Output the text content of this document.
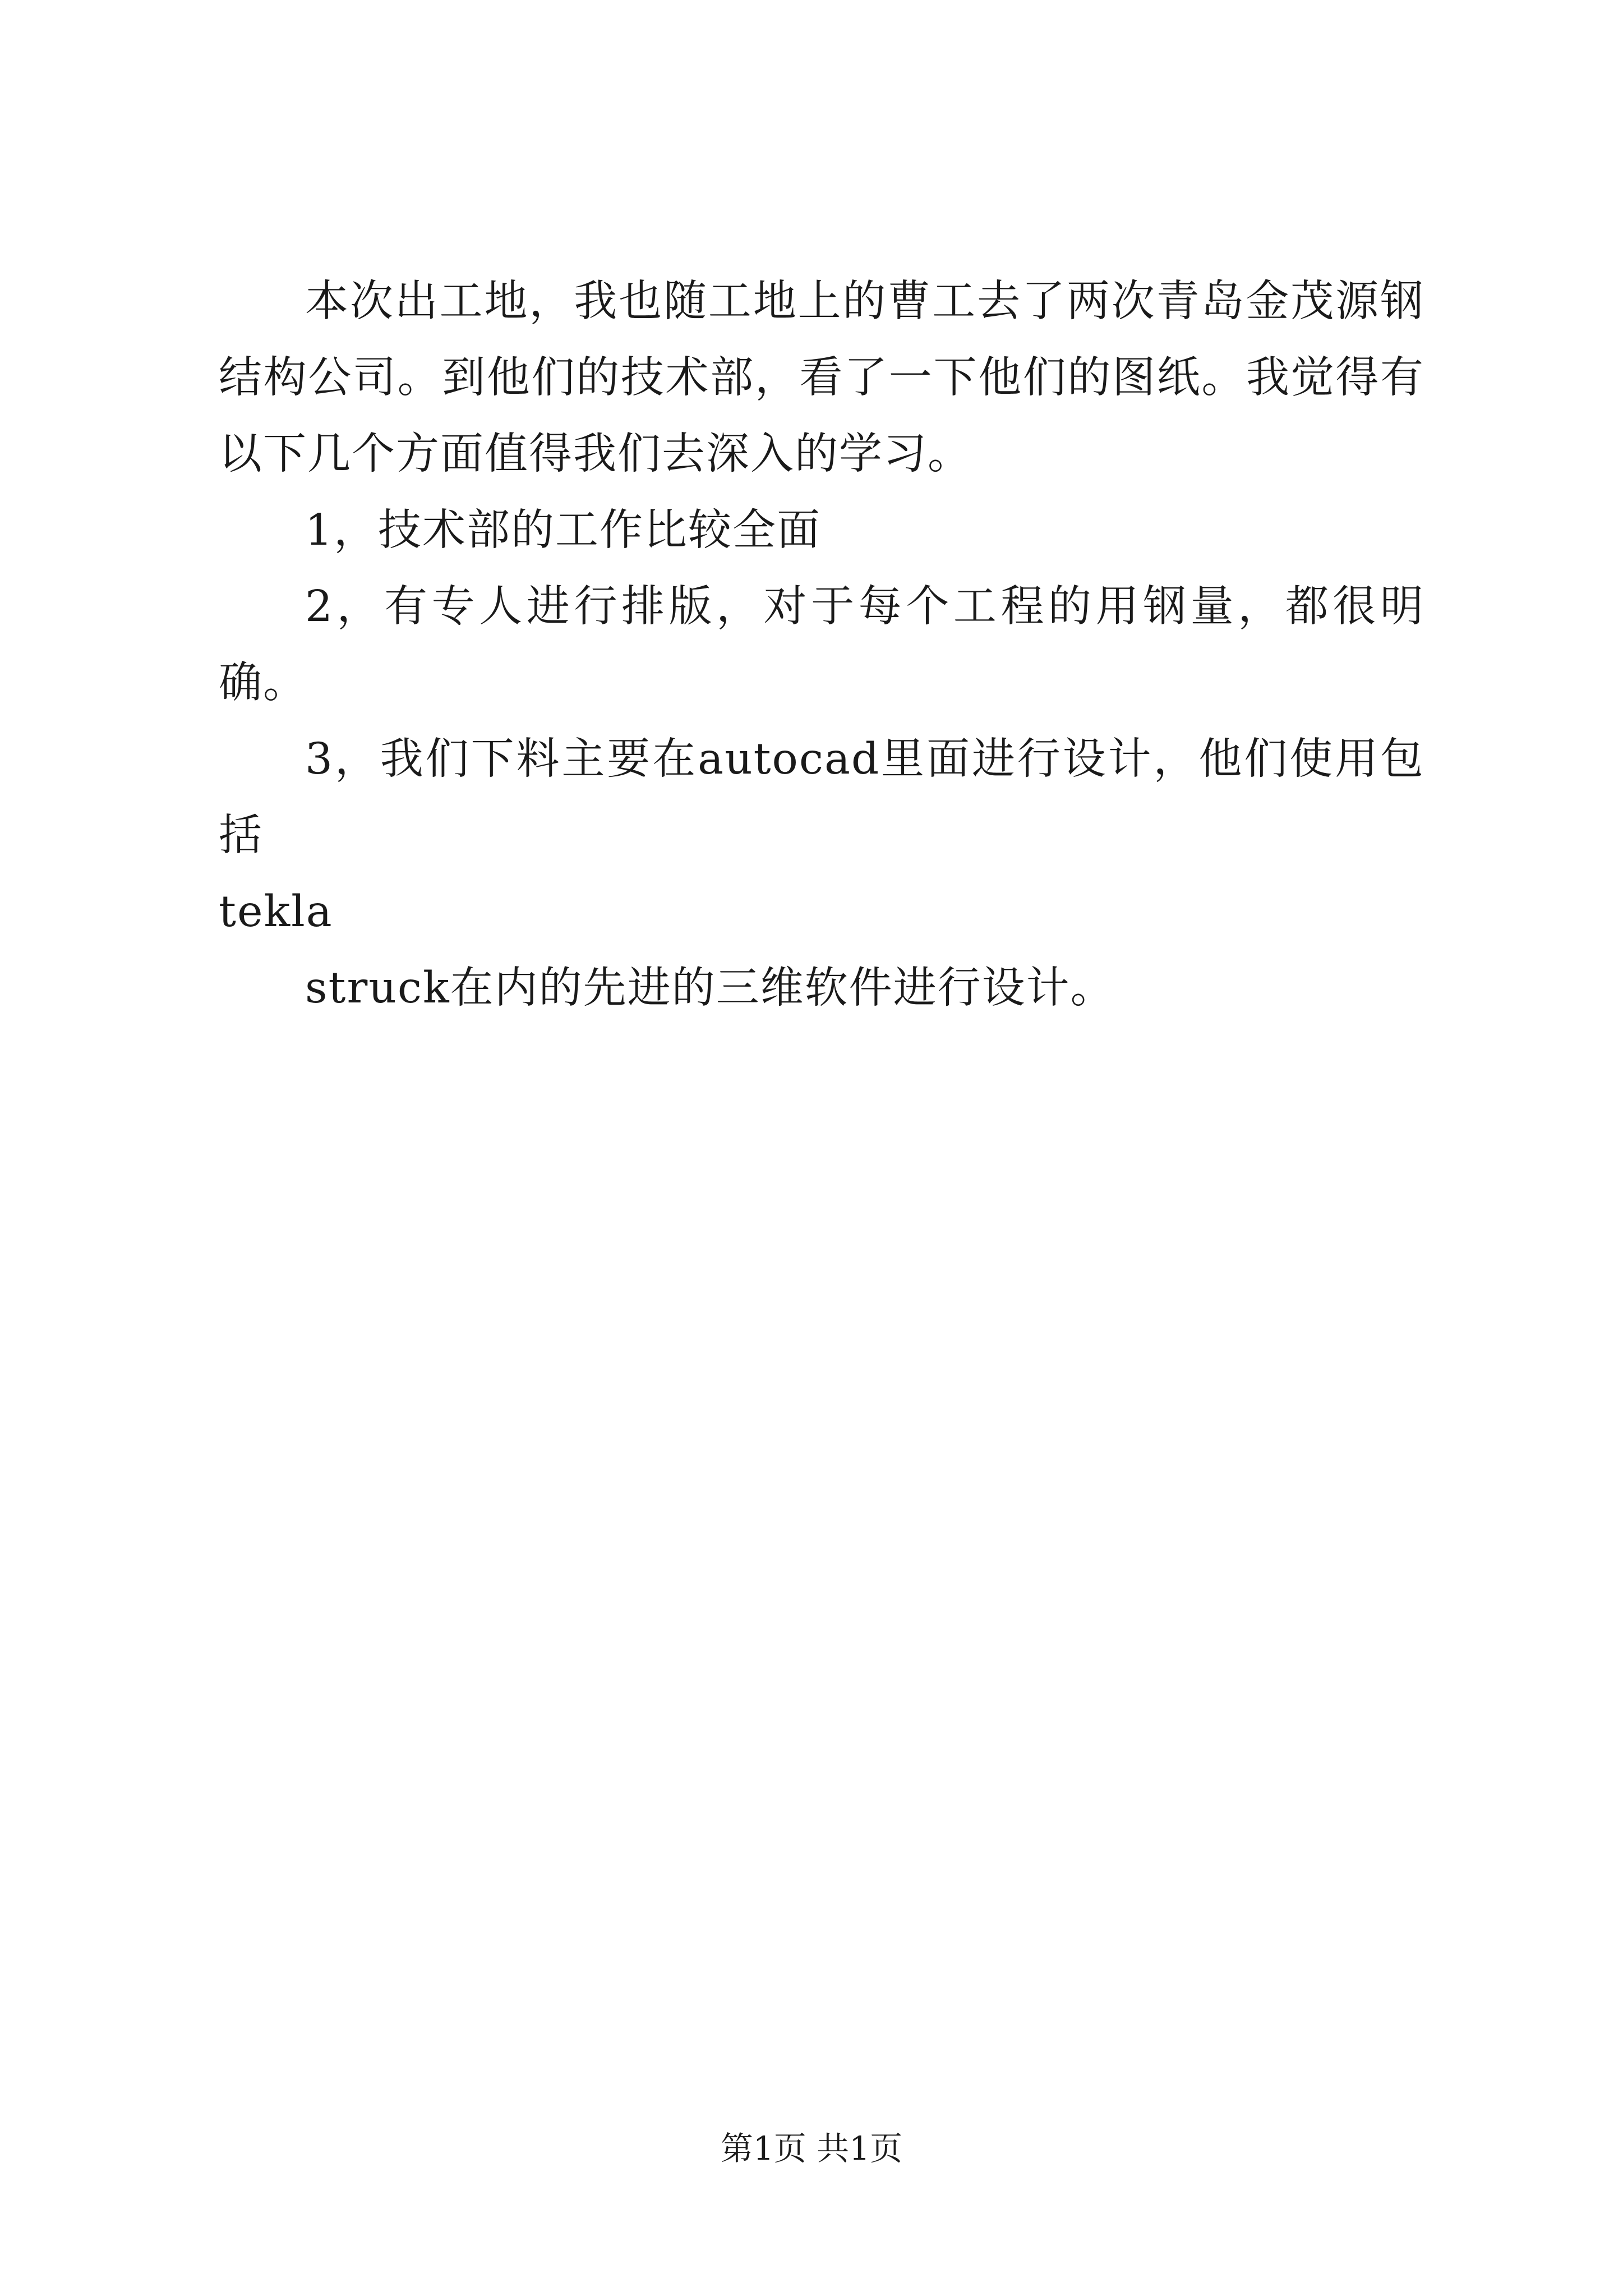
本次出工地，我也随工地上的曹工去了两次青岛金茂源钢结构公司。到他们的技术部，看了一下他们的图纸。我觉得有以下几个方面值得我们去深入的学习。

1，技术部的工作比较全面

2，有专人进行排版，对于每个工程的用钢量，都很明确。

3，我们下料主要在autocad里面进行设计，他们使用包括

tekla

struck在内的先进的三维软件进行设计。

第1页 共1页
